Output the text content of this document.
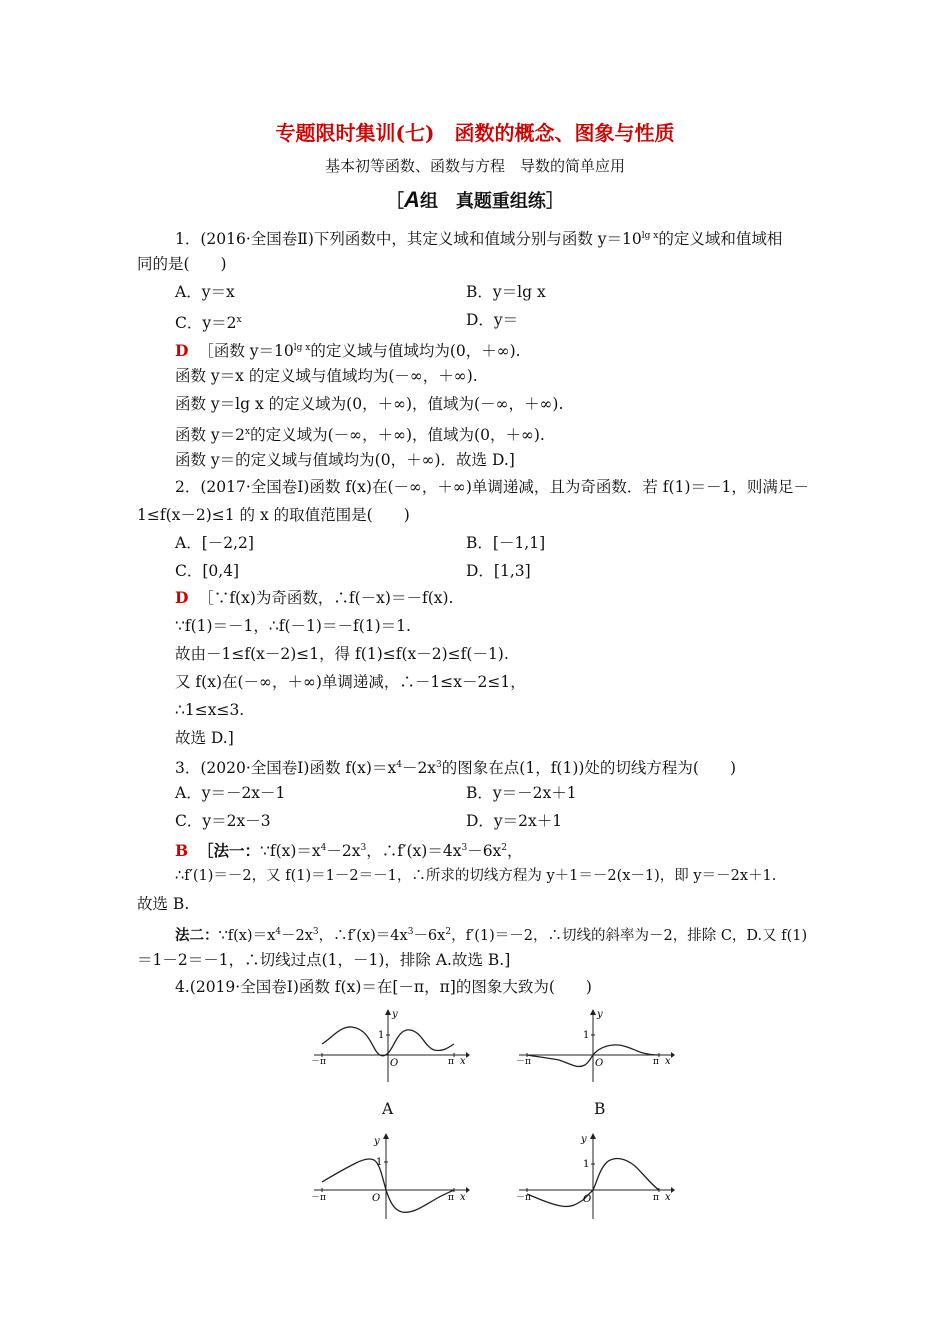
专题限时集训(七)　函数的概念、图象与性质
基本初等函数、函数与方程　导数的简单应用
［A组　真题重组练］
1．(2016·全国卷Ⅱ)下列函数中，其定义域和值域分别与函数 $y=10^{lg x}$的定义域和值域相
同的是(　　)
A．y＝x	B．y＝lg x
C．$y=2^x$	D．y＝
D ［函数 $y=10^{lg x}$的定义域与值域均为(0，＋∞).
函数 y＝x 的定义域与值域均为(－∞，＋∞).
函数 y＝lg x 的定义域为(0，＋∞)，值域为(－∞，＋∞).
函数 $y=2^x$的定义域为(－∞，＋∞)，值域为(0，＋∞).
函数 y＝的定义域与值域均为(0，＋∞)．故选 D.]
2．(2017·全国卷Ⅰ)函数 f(x)在(－∞，＋∞)单调递减，且为奇函数．若 f(1)＝－1，则满足－
1≤f(x－2)≤1 的 x 的取值范围是(　　)
A．[－2,2]	B．[－1,1]
C．[0,4]	D．[1,3]
D ［∵f(x)为奇函数，∴f(－x)＝－f(x).
∵f(1)＝－1，∴f(－1)＝－f(1)＝1.
故由－1≤f(x－2)≤1，得 f(1)≤f(x－2)≤f(－1).
又 f(x)在(－∞，＋∞)单调递减，∴－1≤x－2≤1，
∴1≤x≤3.
故选 D.]
3．(2020·全国卷Ⅰ)函数 $f(x)=x^4-2x^3$的图象在点(1，f(1))处的切线方程为(　　)
A．y＝－2x－1	B．y＝－2x＋1
C．y＝2x－3	D．y＝2x＋1
B ［法一：$\because f(x)=x^4-2x^3$，$\therefore f'(x)=4x^3-6x^2$，
∴f′(1)＝－2，又 f(1)＝1－2＝－1，∴所求的切线方程为 y＋1＝－2(x－1)，即 y＝－2x＋1.
故选 B.
法二：$\because f(x)=x^4-2x^3$，$\therefore f'(x)=4x^3-6x^2$，f′(1)＝－2，∴切线的斜率为－2，排除 C，D.又 f(1)
＝1－2＝－1，∴切线过点(1，－1)，排除 A.故选 B.]
4.(2019·全国卷Ⅰ)函数 f(x)＝在[－π，π]的图象大致为(　　)
y
x
1
O
－π	π
A
y
x
1
O
－π	π
B
y
x
1
O
－π	π
y
x
1
O
－π	π
